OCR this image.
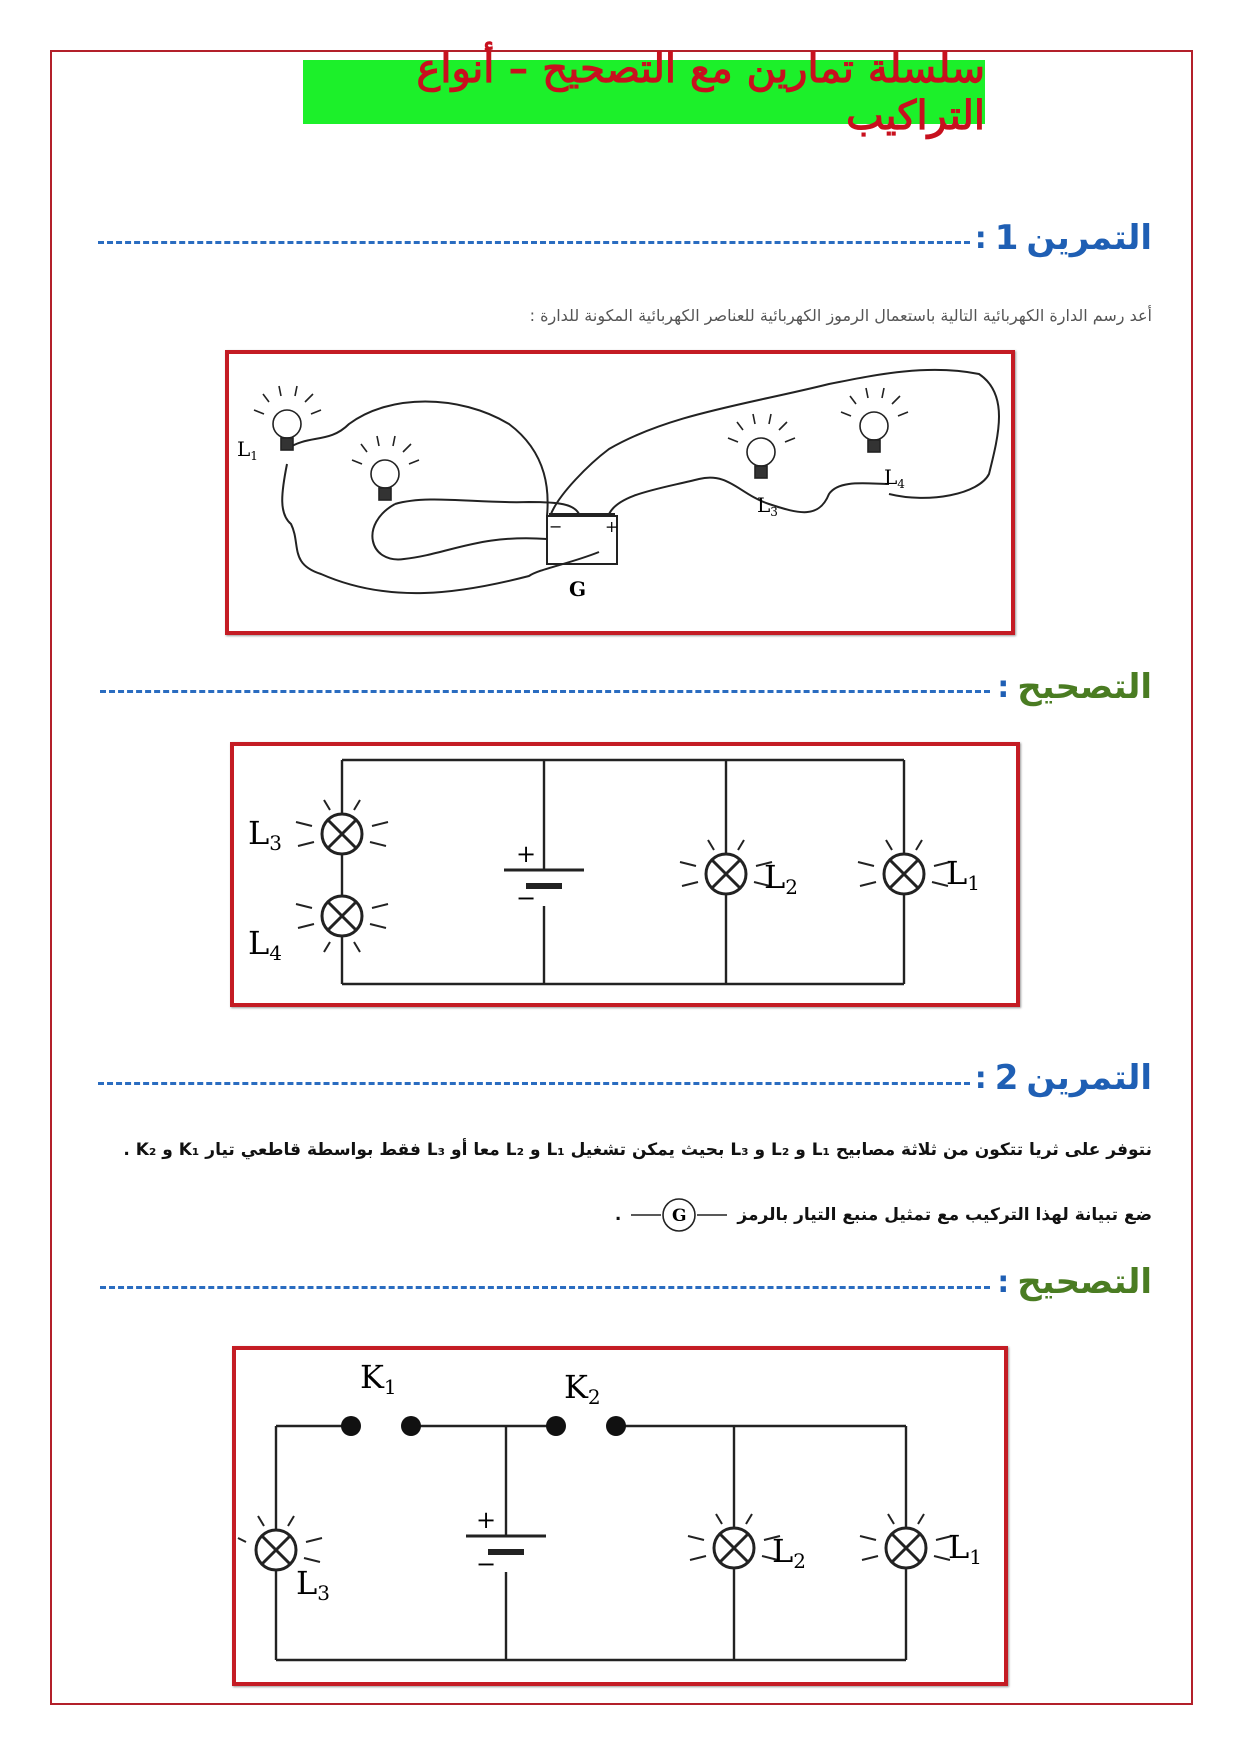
سلسلة تمارين مع التصحيح – أنواع التراكيب
التمرين
1
:
أعد رسم الدارة الكهربائية التالية باستعمال الرموز الكهربائية للعناصر الكهربائية المكونة للدارة :
+
−
G
$L_1$
$L_3$
$L_4$
التصحيح
:
+
−
L3
L4
L2	L1
التمرين
2
:
نتوفر على ثريا تتكون من ثلاثة مصابيح L₁ و L₂ و L₃ بحيث يمكن تشغيل L₁ و L₂ معا أو L₃ فقط بواسطة قاطعي تيار K₁ و K₂ .
ضع تبيانة لهذا التركيب مع تمثيل منبع التيار بالرمز
G
.
التصحيح
:
K1	K2
+
−
L3
L2	L1
